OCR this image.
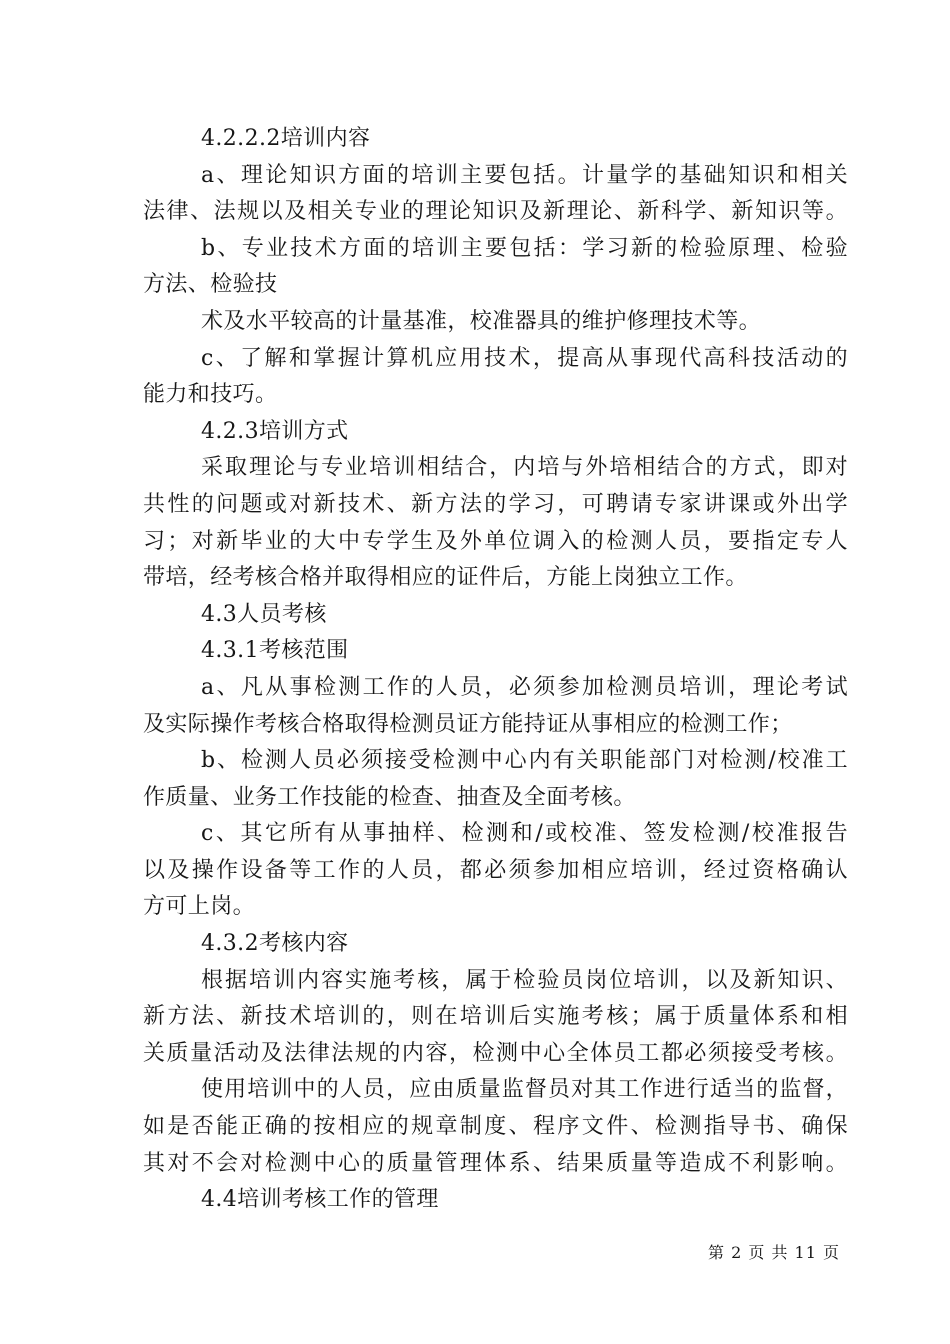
4.2.2.2培训内容
a、理论知识方面的培训主要包括。计量学的基础知识和相关
法律、法规以及相关专业的理论知识及新理论、新科学、新知识等。
b、专业技术方面的培训主要包括：学习新的检验原理、检验
方法、检验技
术及水平较高的计量基准，校准器具的维护修理技术等。
c、了解和掌握计算机应用技术，提高从事现代高科技活动的
能力和技巧。
4.2.3培训方式
采取理论与专业培训相结合，内培与外培相结合的方式，即对
共性的问题或对新技术、新方法的学习，可聘请专家讲课或外出学
习；对新毕业的大中专学生及外单位调入的检测人员，要指定专人
带培，经考核合格并取得相应的证件后，方能上岗独立工作。
4.3人员考核
4.3.1考核范围
a、凡从事检测工作的人员，必须参加检测员培训，理论考试
及实际操作考核合格取得检测员证方能持证从事相应的检测工作；
b、检测人员必须接受检测中心内有关职能部门对检测/校准工
作质量、业务工作技能的检查、抽查及全面考核。
c、其它所有从事抽样、检测和/或校准、签发检测/校准报告
以及操作设备等工作的人员，都必须参加相应培训，经过资格确认
方可上岗。
4.3.2考核内容
根据培训内容实施考核，属于检验员岗位培训，以及新知识、
新方法、新技术培训的，则在培训后实施考核；属于质量体系和相
关质量活动及法律法规的内容，检测中心全体员工都必须接受考核。
使用培训中的人员，应由质量监督员对其工作进行适当的监督，
如是否能正确的按相应的规章制度、程序文件、检测指导书、确保
其对不会对检测中心的质量管理体系、结果质量等造成不利影响。
4.4培训考核工作的管理
第 2 页 共 11 页
